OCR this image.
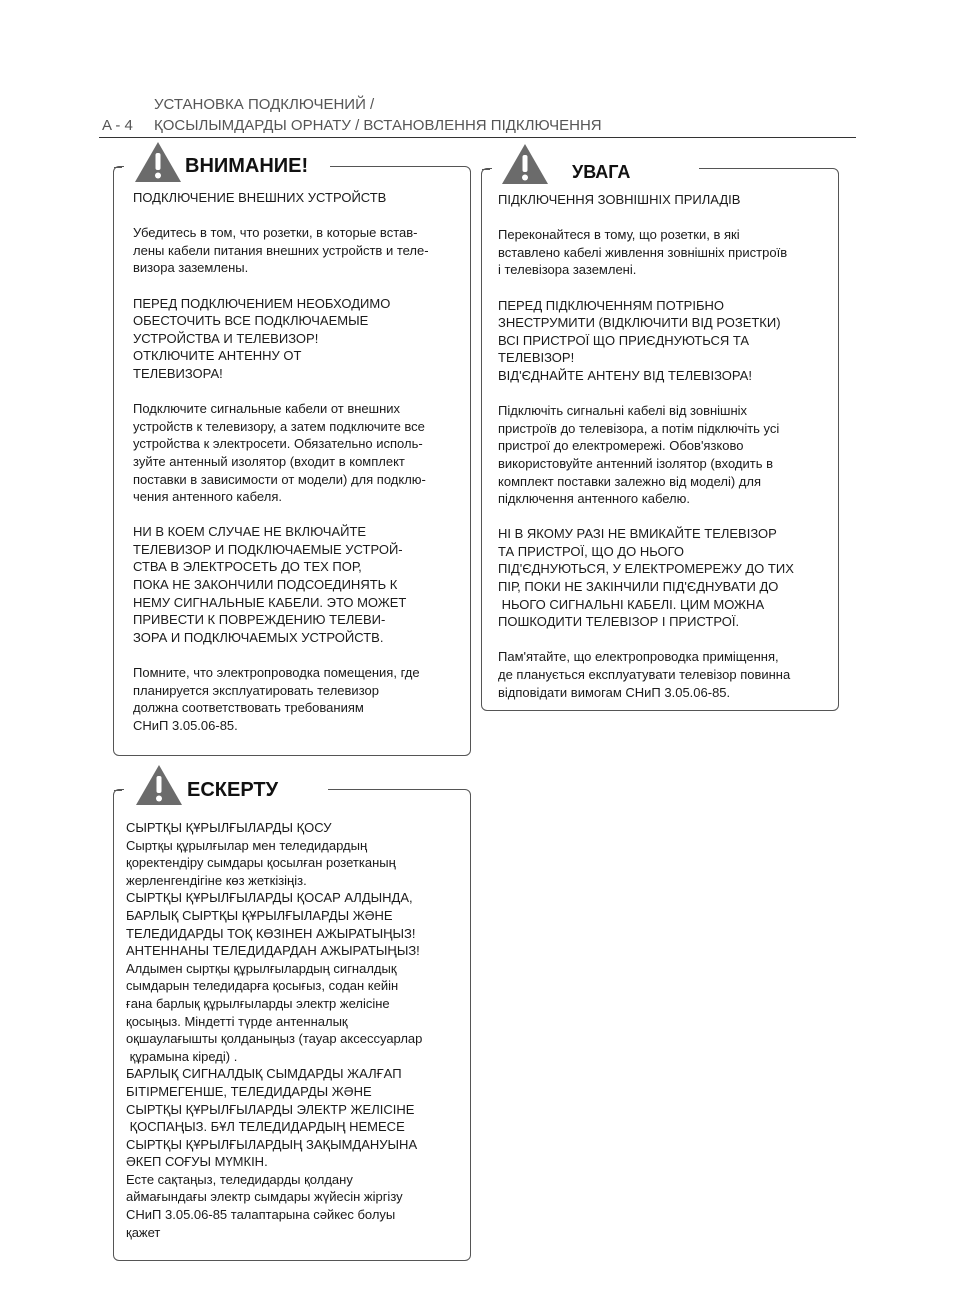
УСТАНОВКА ПОДКЛЮЧЕНИЙ /
A - 4 ҚОСЫЛЫМДАРДЫ ОРНАТУ / ВСТАНОВЛЕННЯ ПІДКЛЮЧЕННЯ
ВНИМАНИЕ!

ПОДКЛЮЧЕНИЕ ВНЕШНИХ УСТРОЙСТВ

Убедитесь в том, что розетки, в которые встав-
лены кабели питания внешних устройств и теле-
визора заземлены.

ПЕРЕД ПОДКЛЮЧЕНИЕМ НЕОБХОДИМО
ОБЕСТОЧИТЬ ВСЕ ПОДКЛЮЧАЕМЫЕ
УСТРОЙСТВА И ТЕЛЕВИЗОР!
ОТКЛЮЧИТЕ АНТЕННУ ОТ
ТЕЛЕВИЗОРА!

Подключите сигнальные кабели от внешних
устройств к телевизору, а затем подключите все
устройства к электросети. Обязательно исполь-
зуйте антенный изолятор (входит в комплект
поставки в зависимости от модели) для подклю-
чения антенного кабеля.

НИ В КОЕМ СЛУЧАЕ НЕ ВКЛЮЧАЙТЕ
ТЕЛЕВИЗОР И ПОДКЛЮЧАЕМЫЕ УСТРОЙ-
СТВА В ЭЛЕКТРОСЕТЬ ДО ТЕХ ПОР,
ПОКА НЕ ЗАКОНЧИЛИ ПОДСОЕДИНЯТЬ К
НЕМУ СИГНАЛЬНЫЕ КАБЕЛИ. ЭТО МОЖЕТ
ПРИВЕСТИ К ПОВРЕЖДЕНИЮ ТЕЛЕВИ-
ЗОРА И ПОДКЛЮЧАЕМЫХ УСТРОЙСТВ.

Помните, что электропроводка помещения, где
планируется эксплуатировать телевизор
должна соответствовать требованиям
СНиП 3.05.06-85.

УВАГА

ПІДКЛЮЧЕННЯ ЗОВНІШНІХ ПРИЛАДІВ

Переконайтеся в тому, що розетки, в які
вставлено кабелі живлення зовнішніх пристроїв
і телевізора заземлені.

ПЕРЕД ПІДКЛЮЧЕННЯМ ПОТРІБНО
ЗНЕСТРУМИТИ (ВІДКЛЮЧИТИ ВІД РОЗЕТКИ)
ВСІ ПРИСТРОЇ ЩО ПРИЄДНУЮТЬСЯ ТА
ТЕЛЕВІЗОР!
ВІД'ЄДНАЙТЕ АНТЕНУ ВІД ТЕЛЕВІЗОРА!

Підключіть сигнальні кабелі від зовнішніх
пристроїв до телевізора, а потім підключіть усі
пристрої до електромережі. Обов'язково
використовуйте антенний ізолятор (входить в
комплект поставки залежно від моделі) для
підключення антенного кабелю.

НІ В ЯКОМУ РАЗІ НЕ ВМИКАЙТЕ ТЕЛЕВІЗОР
ТА ПРИСТРОЇ, ЩО ДО НЬОГО
ПІД'ЄДНУЮТЬСЯ, У ЕЛЕКТРОМЕРЕЖУ ДО ТИХ
ПІР, ПОКИ НЕ ЗАКІНЧИЛИ ПІД'ЄДНУВАТИ ДО
НЬОГО СИГНАЛЬНІ КАБЕЛІ. ЦИМ МОЖНА
ПОШКОДИТИ ТЕЛЕВІЗОР І ПРИСТРОЇ.

Пам'ятайте, що електропроводка приміщення,
де планується експлуатувати телевізор повинна
відповідати вимогам СНиП 3.05.06-85.

ЕСКЕРТУ

СЫРТҚЫ ҚҰРЫЛҒЫЛАРДЫ ҚОСУ

Сыртқы құрылғылар мен теледидардың
қоректендіру сымдары қосылған розетканың
жерленгендігіне көз жеткізіңіз.

СЫРТҚЫ ҚҰРЫЛҒЫЛАРДЫ ҚОСАР АЛДЫНДА,
БАРЛЫҚ СЫРТҚЫ ҚҰРЫЛҒЫЛАРДЫ ЖӘНЕ
ТЕЛЕДИДАРДЫ ТОҚ КӨЗІНЕН АЖЫРАТЫҢЫЗ!
АНТЕННАНЫ ТЕЛЕДИДАРДАН АЖЫРАТЫҢЫЗ!

Алдымен сыртқы құрылғылардың сигналдық
сымдарын теледидарға қосығыз, содан кейін
ғана барлық құрылғыларды электр желісіне
қосыңыз. Міндетті түрде антенналық
оқшаулағышты қолданыңыз (тауар аксессуарлар
құрамына кіреді) .

БАРЛЫҚ СИГНАЛДЫҚ СЫМДАРДЫ ЖАЛҒАП
БІТІРМЕГЕНШЕ, ТЕЛЕДИДАРДЫ ЖӘНЕ
СЫРТҚЫ ҚҰРЫЛҒЫЛАРДЫ ЭЛЕКТР ЖЕЛІСІНЕ
ҚОСПАҢЫЗ. БҰЛ ТЕЛЕДИДАРДЫҢ НЕМЕСЕ
СЫРТҚЫ ҚҰРЫЛҒЫЛАРДЫҢ ЗАҚЫМДАНУЫНА
ӘКЕП СОҒУЫ МҮМКІН.

Есте сақтаңыз, теледидарды қолдану
аймағындағы электр сымдары жүйесін жіргізу
СНиП 3.05.06-85 талаптарына сәйкес болуы
қажет
